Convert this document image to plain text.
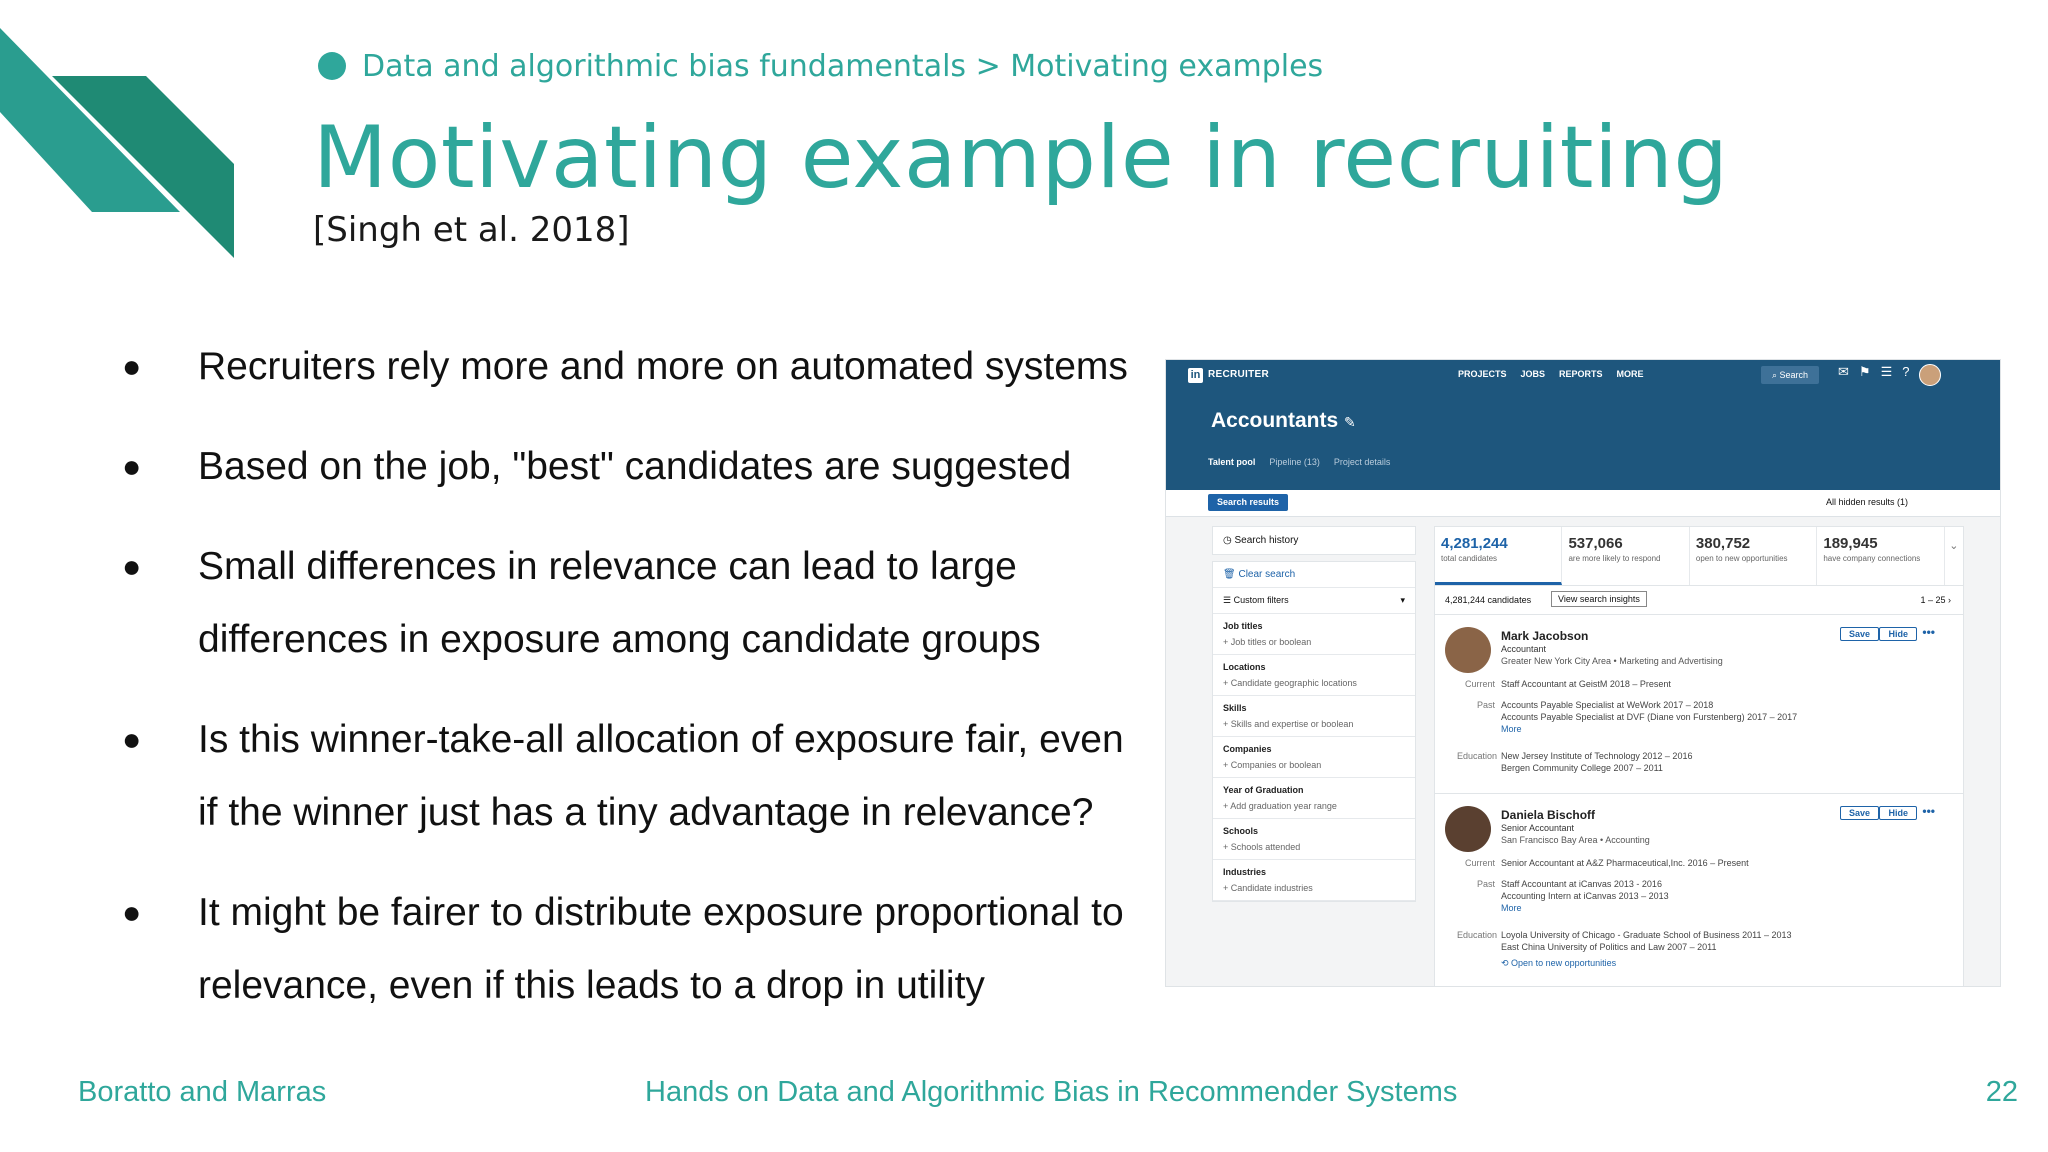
Data and algorithmic bias fundamentals > Motivating examples
Motivating example in recruiting
[Singh et al. 2018]
●	Recruiters rely more and more on automated systems
●	Based on the job, "best" candidates are suggested
●	Small differences in relevance can lead to large differences in exposure among candidate groups
●	Is this winner-take-all allocation of exposure fair, even if the winner just has a tiny advantage in relevance?
●	It might be fairer to distribute exposure proportional to relevance, even if this leads to a drop in utility
in RECRUITER	PROJECTS JOBS REPORTS MORE	⌕ Search	✉ ⚑ ☰ ?
Accountants ✎
Talent pool Pipeline (13) Project details
Search results	All hidden results (1)
◷ Search history
🗑 Clear search
☰ Custom filters	▾
Job titles
+ Job titles or boolean
Locations
+ Candidate geographic locations
Skills
+ Skills and expertise or boolean
Companies
+ Companies or boolean
Year of Graduation
+ Add graduation year range
Schools
+ Schools attended
Industries
+ Candidate industries
4,281,244
total candidates
537,066
are more likely to respond
380,752
open to new opportunities
189,945
have company connections
⌄
4,281,244 candidates	View search insights	1 – 25 ›
Mark Jacobson
Accountant
Greater New York City Area • Marketing and Advertising
Save	Hide	•••
Current Staff Accountant at GeistM 2018 – Present
Past Accounts Payable Specialist at WeWork 2017 – 2018
Accounts Payable Specialist at DVF (Diane von Furstenberg) 2017 – 2017
More
Education New Jersey Institute of Technology 2012 – 2016
Bergen Community College 2007 – 2011
Daniela Bischoff
Senior Accountant
San Francisco Bay Area • Accounting
Save	Hide	•••
Current Senior Accountant at A&Z Pharmaceutical,Inc. 2016 – Present
Past Staff Accountant at iCanvas 2013 - 2016
Accounting Intern at iCanvas 2013 – 2013
More
Education Loyola University of Chicago - Graduate School of Business 2011 – 2013
East China University of Politics and Law 2007 – 2011
⟲ Open to new opportunities
Boratto and Marras	Hands on Data and Algorithmic Bias in Recommender Systems	22
